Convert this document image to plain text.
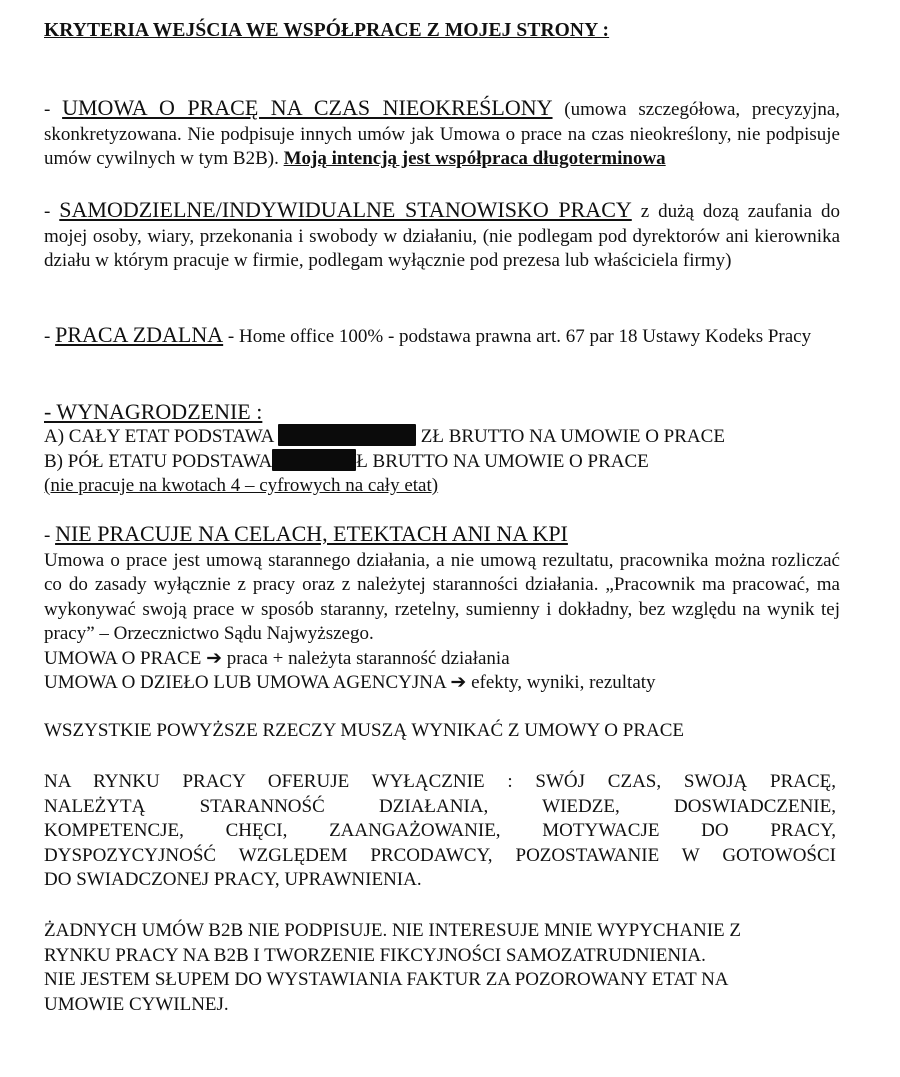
KRYTERIA WEJŚCIA WE WSPÓŁPRACE Z MOJEJ STRONY :
- UMOWA O PRACĘ NA CZAS NIEOKREŚLONY (umowa szczegółowa, precyzyjna, skonkretyzowana. Nie podpisuje innych umów jak Umowa o prace na czas nieokreślony, nie podpisuje umów cywilnych w tym B2B). Moją intencją jest współpraca długoterminowa
- SAMODZIELNE/INDYWIDUALNE STANOWISKO PRACY z dużą dozą zaufania do mojej osoby, wiary, przekonania i swobody w działaniu, (nie podlegam pod dyrektorów ani kierownika działu w którym pracuje w firmie, podlegam wyłącznie pod prezesa lub właściciela firmy)
- PRACA ZDALNA - Home office 100% - podstawa prawna art. 67 par 18 Ustawy Kodeks Pracy
- WYNAGRODZENIE :
A) CAŁY ETAT PODSTAWA	ZŁ BRUTTO NA UMOWIE O PRACE
B) PÓŁ ETATU PODSTAWA	Ł BRUTTO NA UMOWIE O PRACE
(nie pracuje na kwotach 4 – cyfrowych na cały etat)
- NIE PRACUJE NA CELACH, ETEKTACH ANI NA KPI
Umowa o prace jest umową starannego działania, a nie umową rezultatu, pracownika można rozliczać co do zasady wyłącznie z pracy oraz z należytej staranności działania. „Pracownik ma pracować, ma wykonywać swoją prace w sposób staranny, rzetelny, sumienny i dokładny, bez względu na wynik tej pracy” – Orzecznictwo Sądu Najwyższego.
UMOWA O PRACE ➔ praca + należyta staranność działania
UMOWA O DZIEŁO LUB UMOWA AGENCYJNA ➔ efekty, wyniki, rezultaty
WSZYSTKIE POWYŻSZE RZECZY MUSZĄ WYNIKAĆ Z UMOWY O PRACE
NA RYNKU PRACY OFERUJE WYŁĄCZNIE : SWÓJ CZAS, SWOJĄ PRACĘ,
NALEŻYTĄ STARANNOŚĆ DZIAŁANIA, WIEDZE, DOSWIADCZENIE,
KOMPETENCJE, CHĘCI, ZAANGAŻOWANIE, MOTYWACJE DO PRACY,
DYSPOZYCYJNOŚĆ WZGLĘDEM PRCODAWCY, POZOSTAWANIE W GOTOWOŚCI
DO SWIADCZONEJ PRACY, UPRAWNIENIA.
ŻADNYCH UMÓW B2B NIE PODPISUJE. NIE INTERESUJE MNIE WYPYCHANIE Z
RYNKU PRACY NA B2B I TWORZENIE FIKCYJNOŚCI SAMOZATRUDNIENIA.
NIE JESTEM SŁUPEM DO WYSTAWIANIA FAKTUR ZA POZOROWANY ETAT NA
UMOWIE CYWILNEJ.
